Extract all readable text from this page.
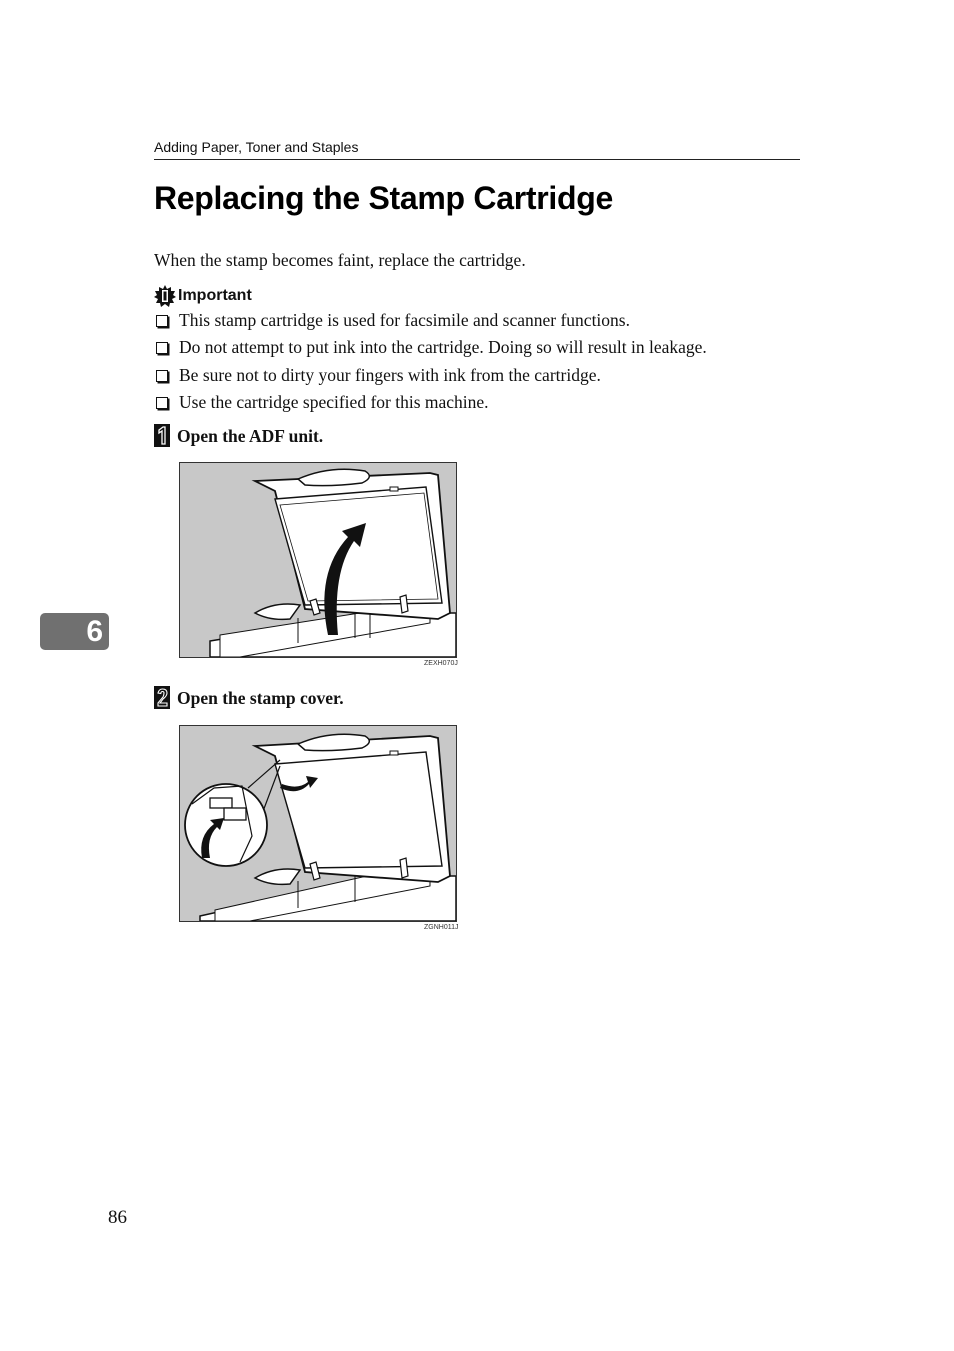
Adding Paper, Toner and Staples
Replacing the Stamp Cartridge
When the stamp becomes faint, replace the cartridge.
Important
This stamp cartridge is used for facsimile and scanner functions.
Do not attempt to put ink into the cartridge. Doing so will result in leakage.
Be sure not to dirty your fingers with ink from the cartridge.
Use the cartridge specified for this machine.
Open the ADF unit.
ZEXH070J
6
Open the stamp cover.
ZGNH011J
86
